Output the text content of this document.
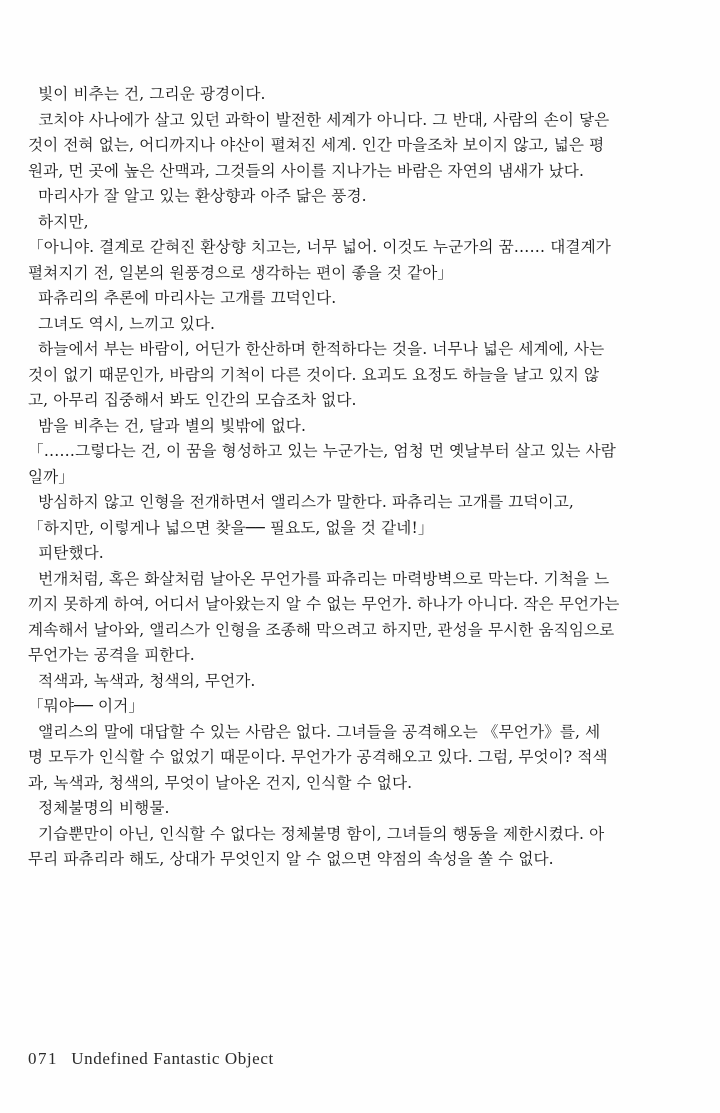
빛이 비추는 건, 그리운 광경이다.
코치야 사나에가 살고 있던 과학이 발전한 세계가 아니다. 그 반대, 사람의 손이 닿은
것이 전혀 없는, 어디까지나 야산이 펼쳐진 세계. 인간 마을조차 보이지 않고, 넓은 평
원과, 먼 곳에 높은 산맥과, 그것들의 사이를 지나가는 바람은 자연의 냄새가 났다.
마리사가 잘 알고 있는 환상향과 아주 닮은 풍경.
하지만,
「아니야. 결계로 갇혀진 환상향 치고는, 너무 넓어. 이것도 누군가의 꿈…… 대결계가
펼쳐지기 전, 일본의 원풍경으로 생각하는 편이 좋을 것 같아」
파츄리의 추론에 마리사는 고개를 끄덕인다.
그녀도 역시, 느끼고 있다.
하늘에서 부는 바람이, 어딘가 한산하며 한적하다는 것을. 너무나 넓은 세계에, 사는
것이 없기 때문인가, 바람의 기척이 다른 것이다. 요괴도 요정도 하늘을 날고 있지 않
고, 아무리 집중해서 봐도 인간의 모습조차 없다.
밤을 비추는 건, 달과 별의 빛밖에 없다.
「……그렇다는 건, 이 꿈을 형성하고 있는 누군가는, 엄청 먼 옛날부터 살고 있는 사람
일까」
방심하지 않고 인형을 전개하면서 앨리스가 말한다. 파츄리는 고개를 끄덕이고,
「하지만, 이렇게나 넓으면 찾을── 필요도, 없을 것 같네!」
피탄했다.
번개처럼, 혹은 화살처럼 날아온 무언가를 파츄리는 마력방벽으로 막는다. 기척을 느
끼지 못하게 하여, 어디서 날아왔는지 알 수 없는 무언가. 하나가 아니다. 작은 무언가는
계속해서 날아와, 앨리스가 인형을 조종해 막으려고 하지만, 관성을 무시한 움직임으로
무언가는 공격을 피한다.
적색과, 녹색과, 청색의, 무언가.
「뭐야── 이거」
앨리스의 말에 대답할 수 있는 사람은 없다. 그녀들을 공격해오는 《무언가》를, 세
명 모두가 인식할 수 없었기 때문이다. 무언가가 공격해오고 있다. 그럼, 무엇이? 적색
과, 녹색과, 청색의, 무엇이 날아온 건지, 인식할 수 없다.
정체불명의 비행물.
기습뿐만이 아닌, 인식할 수 없다는 정체불명 함이, 그녀들의 행동을 제한시켰다. 아
무리 파츄리라 해도, 상대가 무엇인지 알 수 없으면 약점의 속성을 쏠 수 없다.
071 Undefined Fantastic Object
